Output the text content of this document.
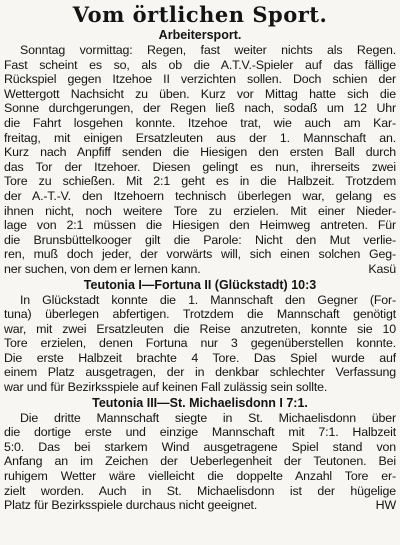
Vom örtlichen Sport.
Arbeitersport.
Sonntag vormittag: Regen, fast weiter nichts als Regen.
Fast scheint es so, als ob die A.T.V.-Spieler auf das fällige
Rückspiel gegen Itzehoe II verzichten sollen. Doch schien der
Wettergott Nachsicht zu üben. Kurz vor Mittag hatte sich die
Sonne durchgerungen, der Regen ließ nach, sodaß um 12 Uhr
die Fahrt losgehen konnte. Itzehoe trat, wie auch am Kar-
freitag, mit einigen Ersatzleuten aus der 1. Mannschaft an.
Kurz nach Anpfiff senden die Hiesigen den ersten Ball durch
das Tor der Itzehoer. Diesen gelingt es nun, ihrerseits zwei
Tore zu schießen. Mit 2:1 geht es in die Halbzeit. Trotzdem
der A.-T.-V. den Itzehoern technisch überlegen war, gelang es
ihnen nicht, noch weitere Tore zu erzielen. Mit einer Nieder-
lage von 2:1 müssen die Hiesigen den Heimweg antreten. Für
die Brunsbüttelkooger gilt die Parole: Nicht den Mut verlie-
ren, muß doch jeder, der vorwärts will, sich einen solchen Geg-
ner suchen, von dem er lernen kann.	Kasü
Teutonia I—Fortuna II (Glückstadt) 10:3
In Glückstadt konnte die 1. Mannschaft den Gegner (For-
tuna) überlegen abfertigen. Trotzdem die Mannschaft genötigt
war, mit zwei Ersatzleuten die Reise anzutreten, konnte sie 10
Tore erzielen, denen Fortuna nur 3 gegenüberstellen konnte.
Die erste Halbzeit brachte 4 Tore. Das Spiel wurde auf
einem Platz ausgetragen, der in denkbar schlechter Verfassung
war und für Bezirksspiele auf keinen Fall zulässig sein sollte.
Teutonia III—St. Michaelisdonn I 7:1.
Die dritte Mannschaft siegte in St. Michaelisdonn über
die dortige erste und einzige Mannschaft mit 7:1. Halbzeit
5:0. Das bei starkem Wind ausgetragene Spiel stand von
Anfang an im Zeichen der Ueberlegenheit der Teutonen. Bei
ruhigem Wetter wäre vielleicht die doppelte Anzahl Tore er-
zielt worden. Auch in St. Michaelisdonn ist der hügelige
Platz für Bezirksspiele durchaus nicht geeignet.	HW
